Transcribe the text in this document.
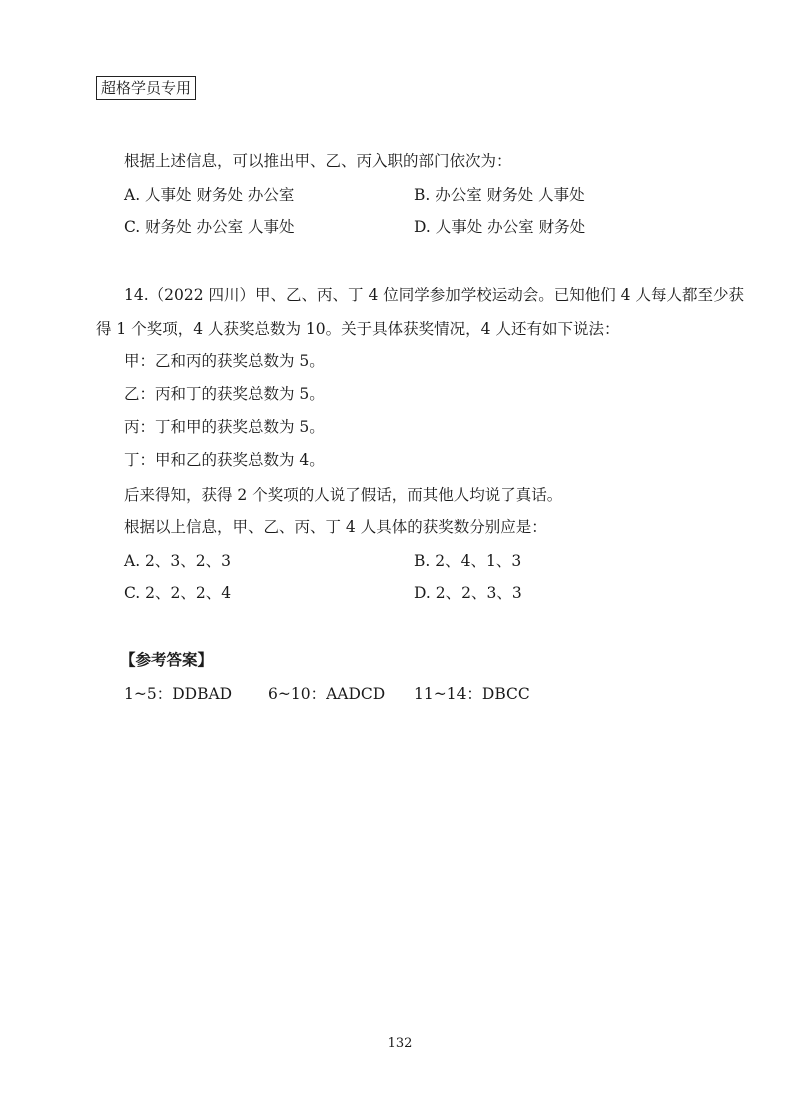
超格学员专用
根据上述信息，可以推出甲、乙、丙入职的部门依次为：
A. 人事处 财务处 办公室	B. 办公室 财务处 人事处
C. 财务处 办公室 人事处	D. 人事处 办公室 财务处
14.（2022 四川）甲、乙、丙、丁 4 位同学参加学校运动会。已知他们 4 人每人都至少获
得 1 个奖项，4 人获奖总数为 10。关于具体获奖情况，4 人还有如下说法：
甲：乙和丙的获奖总数为 5。
乙：丙和丁的获奖总数为 5。
丙：丁和甲的获奖总数为 5。
丁：甲和乙的获奖总数为 4。
后来得知，获得 2 个奖项的人说了假话，而其他人均说了真话。
根据以上信息，甲、乙、丙、丁 4 人具体的获奖数分别应是：
A. 2、3、2、3	B. 2、4、1、3
C. 2、2、2、4	D. 2、2、3、3
【参考答案】
1~5：DDBAD 6~10：AADCD 11~14：DBCC
132
